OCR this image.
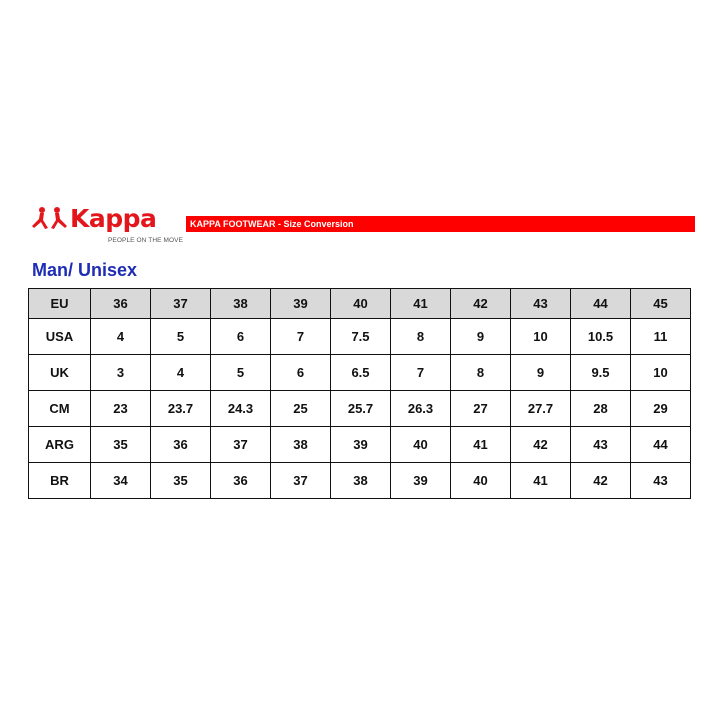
Kappa
PEOPLE ON THE MOVE
KAPPA FOOTWEAR - Size Conversion
Man/ Unisex
EU	36	37	38	39	40	41	42	43	44	45
USA	4	5	6	7	7.5	8	9	10	10.5	11
UK	3	4	5	6	6.5	7	8	9	9.5	10
CM	23	23.7	24.3	25	25.7	26.3	27	27.7	28	29
ARG	35	36	37	38	39	40	41	42	43	44
BR	34	35	36	37	38	39	40	41	42	43
